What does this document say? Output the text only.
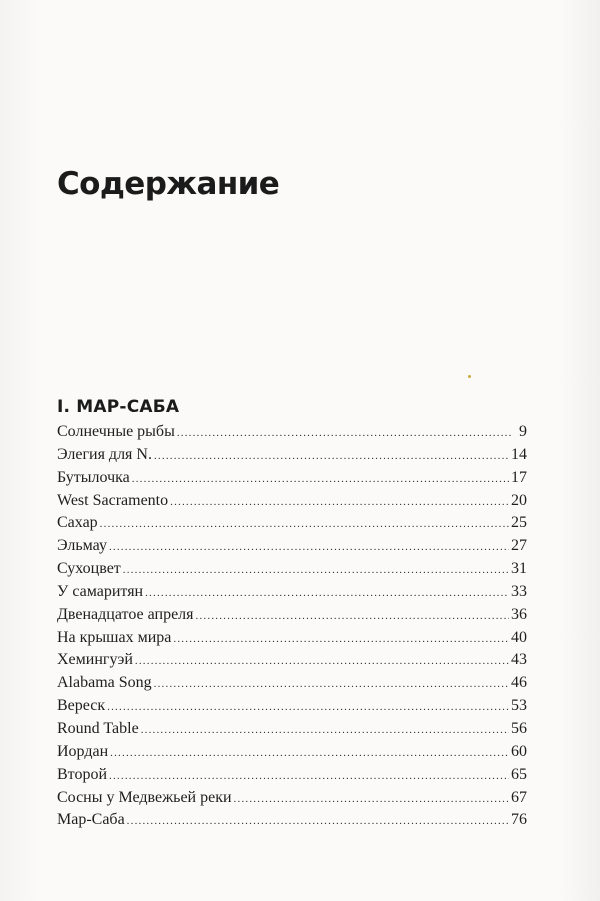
Содержание
I. МАР-САБА
Солнечные рыбы .....	9
Элегия для N. .....	14
Бутылочка .....	17
West Sacramento .....	20
Сахар .....	25
Эльмау .....	27
Сухоцвет .....	31
У самаритян .....	33
Двенадцатое апреля .....	36
На крышах мира .....	40
Хемингуэй .....	43
Alabama Song .....	46
Вереск .....	53
Round Table .....	56
Иордан .....	60
Второй .....	65
Сосны у Медвежьей реки .....	67
Мар-Саба .....	76
